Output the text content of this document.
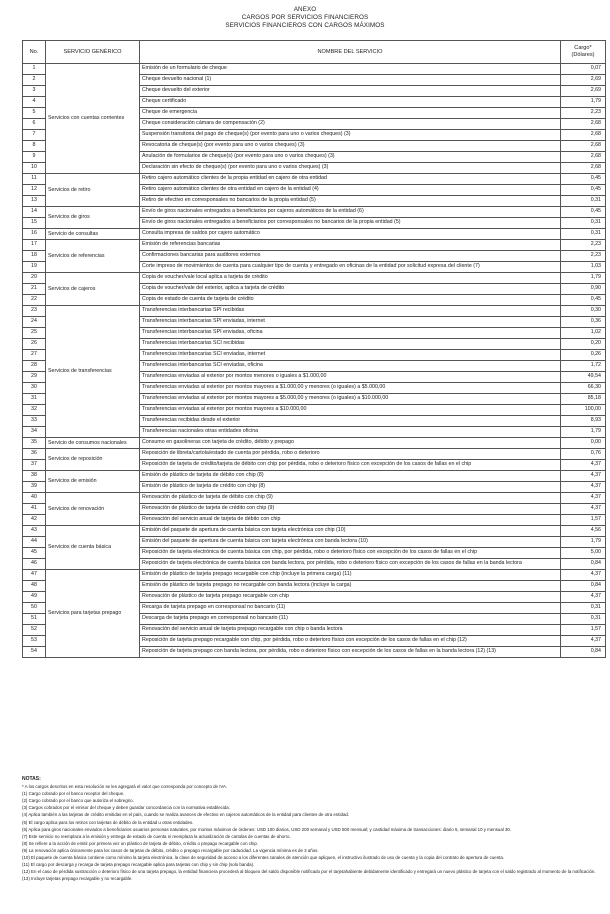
ANEXO
CARGOS POR SERVICIOS FINANCIEROS
SERVICIOS FINANCIEROS CON CARGOS MÁXIMOS
No.	SERVICIO GENÉRICO	NOMBRE DEL SERVICIO	Cargo* (Dólares)
1	Servicios con cuentas corrientes	Emisión de un formulario de cheque	0,07
2		Cheque devuelto nacional (1)	2,69
3		Cheque devuelto del exterior	2,69
4		Cheque certificado	1,79
5		Cheque de emergencia	2,23
6		Cheque consideración cámara de compensación (2)	2,68
7		Suspensión transitoria del pago de cheque(s) (por evento para uno o varios cheques) (3)	2,68
8		Revocatoria de cheque(s) (por evento para uno o varios cheques) (3)	2,68
9		Anulación de formularios de cheque(s) (por evento para uno o varios cheques) (3)	2,68
10		Declaración sin efecto de cheque(s) (por evento para uno o varios cheques) (3)	2,68
11	Servicios de retiro	Retiro cajero automático clientes de la propia entidad en cajero de otra entidad	0,45
12		Retiro cajero automático clientes de otra entidad en cajero de la entidad (4)	0,45
13		Retiro de efectivo en corresponsales no bancarios de la propia entidad (5)	0,31
14	Servicios de giros	Envío de giros nacionales entregados a beneficiarios por cajeros automáticos de la entidad (6)	0,45
15		Envío de giros nacionales entregados a beneficiarios por corresponsales no bancarios de la propia entidad (5)	0,31
16	Servicio de consultas	Consulta impresa de saldos por cajero automático	0,31
17	Servicios de referencias	Emisión de referencias bancarias	2,23
18		Confirmaciones bancarias para auditores externos	2,23
19		Corte impreso de movimientos de cuenta para cualquier tipo de cuenta y entregado en oficinas de la entidad por solicitud expresa del cliente (7)	1,03
20	Servicios de cajeros	Copia de voucher/vale local aplica a tarjeta de crédito	1,79
21		Copia de voucher/vale del exterior, aplica a tarjeta de crédito	0,90
22		Copia de estado de cuenta de tarjeta de crédito	0,45
23	Servicios de transferencias	Transferencias interbancarias SPI recibidas	0,30
24		Transferencias interbancarias SPI enviadas, internet	0,36
25		Transferencias interbancarias SPI enviadas, oficina	1,02
26		Transferencias interbancarias SCI recibidas	0,20
27		Transferencias interbancarias SCI enviadas, internet	0,26
28		Transferencias interbancarias SCI enviadas, oficina	1,72
29		Transferencias enviadas al exterior por montos menores o iguales a $1.000,00	49,54
30		Transferencias enviadas al exterior por montos mayores a $1.000,00 y menores (o iguales) a $5.000,00	66,30
31		Transferencias enviadas al exterior por montos mayores a $5.000,00 y menores (o iguales) a $10.000,00	85,18
32		Transferencias enviadas al exterior por montos mayores a $10.000,00	100,00
33		Transferencias recibidas desde el exterior	8,93
34		Transferencias nacionales otras entidades oficina	1,79
35	Servicio de consumos nacionales	Consumo en gasolineras con tarjeta de crédito, débito y prepago	0,00
36	Servicios de reposición	Reposición de libreta/cartola/estado de cuenta por pérdida, robo o deterioro	0,76
37		Reposición de tarjeta de crédito/tarjeta de débito con chip por pérdida, robo o deterioro físico con excepción de los casos de fallas en el chip	4,37
38	Servicios de emisión	Emisión de plástico de tarjeta de débito con chip (8)	4,37
39		Emisión de plástico de tarjeta de crédito con chip (8)	4,37
40	Servicios de renovación	Renovación de plástico de tarjeta de débito con chip (9)	4,37
41		Renovación de plástico de tarjeta de crédito con chip (9)	4,37
42		Renovación del servicio anual de tarjeta de débito con chip	1,57
43	Servicios de cuenta básica	Emisión del paquete de apertura de cuenta básica con tarjeta electrónica con chip (10)	4,56
44		Emisión del paquete de apertura de cuenta básica con tarjeta electrónica con banda lectora (10)	1,79
45		Reposición de tarjeta electrónica de cuenta básica con chip, por pérdida, robo o deterioro físico con excepción de los casos de fallas en el chip	5,00
46		Reposición de tarjeta electrónica de cuenta básica con banda lectora, por pérdida, robo o deterioro físico con excepción de los casos de fallas en la banda lectora	0,84
47	Servicios para tarjetas prepago	Emisión de plástico de tarjeta prepago recargable con chip (incluye la primera carga) (11)	4,37
48		Emisión de plástico de tarjeta prepago no recargable con banda lectora (incluye la carga)	0,84
49		Renovación de plástico de tarjeta prepago recargable con chip	4,37
50		Recarga de tarjeta prepago en corresponsal no bancario (11)	0,31
51		Descarga de tarjeta prepago en corresponsal no bancario (11)	0,31
52		Renovación del servicio anual de tarjeta prepago recargable con chip o banda lectora	1,57
53		Reposición de tarjeta prepago recargable con chip, por pérdida, robo o deterioro físico con excepción de los casos de fallas en el chip (12)	4,37
54		Reposición de tarjeta prepago con banda lectora, por pérdida, robo o deterioro físico con excepción de los casos de fallas en la banda lectora (12) (13)	0,84
NOTAS:
* A los cargos descritos en esta resolución se les agregará el valor que corresponda por concepto de IVA.
(1) Cargo cobrado por el banco receptor del cheque.
(2) Cargo cobrado por el banco que autoriza el sobregiro.
(3) Cargos cobrados por el emisor del cheque y deben guardar concordancia con la normativa establecida.
(4) Aplica también a las tarjetas de crédito emitidas en el país, cuando se realiza avances de efectivo en cajeros automáticos de la entidad para clientes de otra entidad.
(5) El cargo aplica para los retiros con tarjetas de débito de la entidad u otras entidades.
(6) Aplica para giros nacionales enviados a beneficiarios usuarios personas naturales, por montos máximos de órdenes: USD 100 diarios, USD 200 semanal y USD 500 mensual; y cantidad máxima de transacciones: diario 5, semanal 10 y mensual 30.
(7) Este servicio no reemplaza a la emisión y entrega de estado de cuenta ni reemplaza la actualización de cartolas de cuentas de ahorro.
(8) Se refiere a la acción de emitir por primera vez un plástico de tarjeta de débito, crédito o prepago recargable con chip.
(9) La renovación aplica únicamente para los casos de tarjetas de débito, crédito o prepago recargable por caducidad. La vigencia mínima es de 3 años.
(10) El paquete de cuenta básica contiene como mínimo la tarjeta electrónica, la clave de seguridad de acceso a los diferentes canales de atención que apliquen, el instructivo ilustrado de uso de cuenta y la copia del contrato de apertura de cuenta.
(11) El cargo por descarga y recarga de tarjeta prepago recargable aplica para tarjetas con chip y sin chip (solo banda).
(12) En el caso de pérdida sustracción o deterioro físico de una tarjeta prepago, la entidad financiera procederá al bloqueo del saldo disponible notificado por el tarjetahabiente debidamente identificado y entregará un nuevo plástico de tarjeta con el saldo registrado al momento de la notificación.
(13) Incluye tarjetas prepago recargable y no recargable.
